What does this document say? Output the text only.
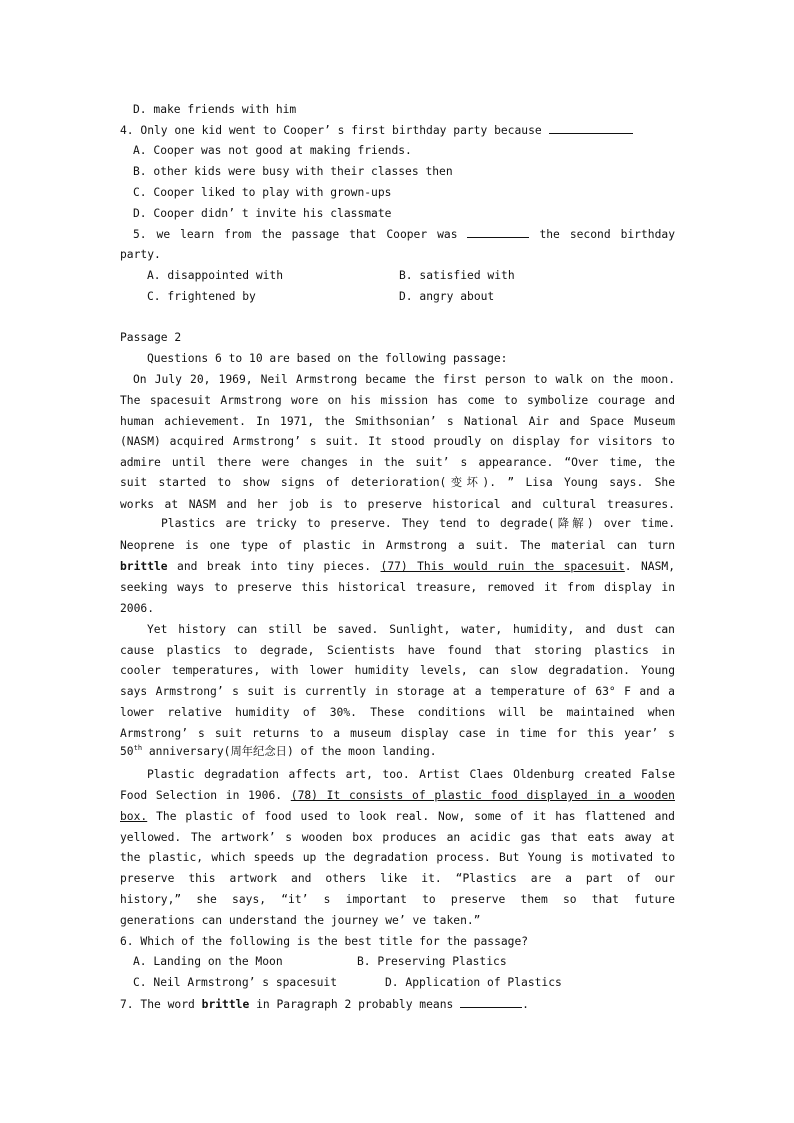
D. make friends with him
4. Only one kid went to Cooper’ s first birthday party because
A. Cooper was not good at making friends.
B. other kids were busy with their classes then
C. Cooper liked to play with grown-ups
D. Cooper didn’ t invite his classmate
5. we learn from the passage that Cooper was	the second birthday
party.
A. disappointed with	B. satisfied with
C. frightened by	D. angry about
Passage 2
Questions 6 to 10 are based on the following passage:
On July 20, 1969, Neil Armstrong became the first person to walk on the moon.
The spacesuit Armstrong wore on his mission has come to symbolize courage and
human achievement. In 1971, the Smithsonian’ s National Air and Space Museum
(NASM) acquired Armstrong’ s suit. It stood proudly on display for visitors to
admire until there were changes in the suit’ s appearance. “Over time, the
suit started to show signs of deterioration(变坏). ” Lisa Young says. She
works at NASM and her job is to preserve historical and cultural treasures.
Plastics are tricky to preserve. They tend to degrade(降解) over time.
Neoprene is one type of plastic in Armstrong a suit. The material can turn
brittle and break into tiny pieces. (77) This would ruin the spacesuit. NASM,
seeking ways to preserve this historical treasure, removed it from display in
2006.
Yet history can still be saved. Sunlight, water, humidity, and dust can
cause plastics to degrade, Scientists have found that storing plastics in
cooler temperatures, with lower humidity levels, can slow degradation. Young
says Armstrong’ s suit is currently in storage at a temperature of 63° F and a
lower relative humidity of 30%. These conditions will be maintained when
Armstrong’ s suit returns to a museum display case in time for this year’ s
50th anniversary(周年纪念日) of the moon landing.
Plastic degradation affects art, too. Artist Claes Oldenburg created False
Food Selection in 1906. (78) It consists of plastic food displayed in a wooden
box. The plastic of food used to look real. Now, some of it has flattened and
yellowed. The artwork’ s wooden box produces an acidic gas that eats away at
the plastic, which speeds up the degradation process. But Young is motivated to
preserve this artwork and others like it. “Plastics are a part of our
history,” she says, “it’ s important to preserve them so that future
generations can understand the journey we’ ve taken.”
6. Which of the following is the best title for the passage?
A. Landing on the Moon	B. Preserving Plastics
C. Neil Armstrong’ s spacesuit	D. Application of Plastics
7. The word brittle in Paragraph 2 probably means	.
